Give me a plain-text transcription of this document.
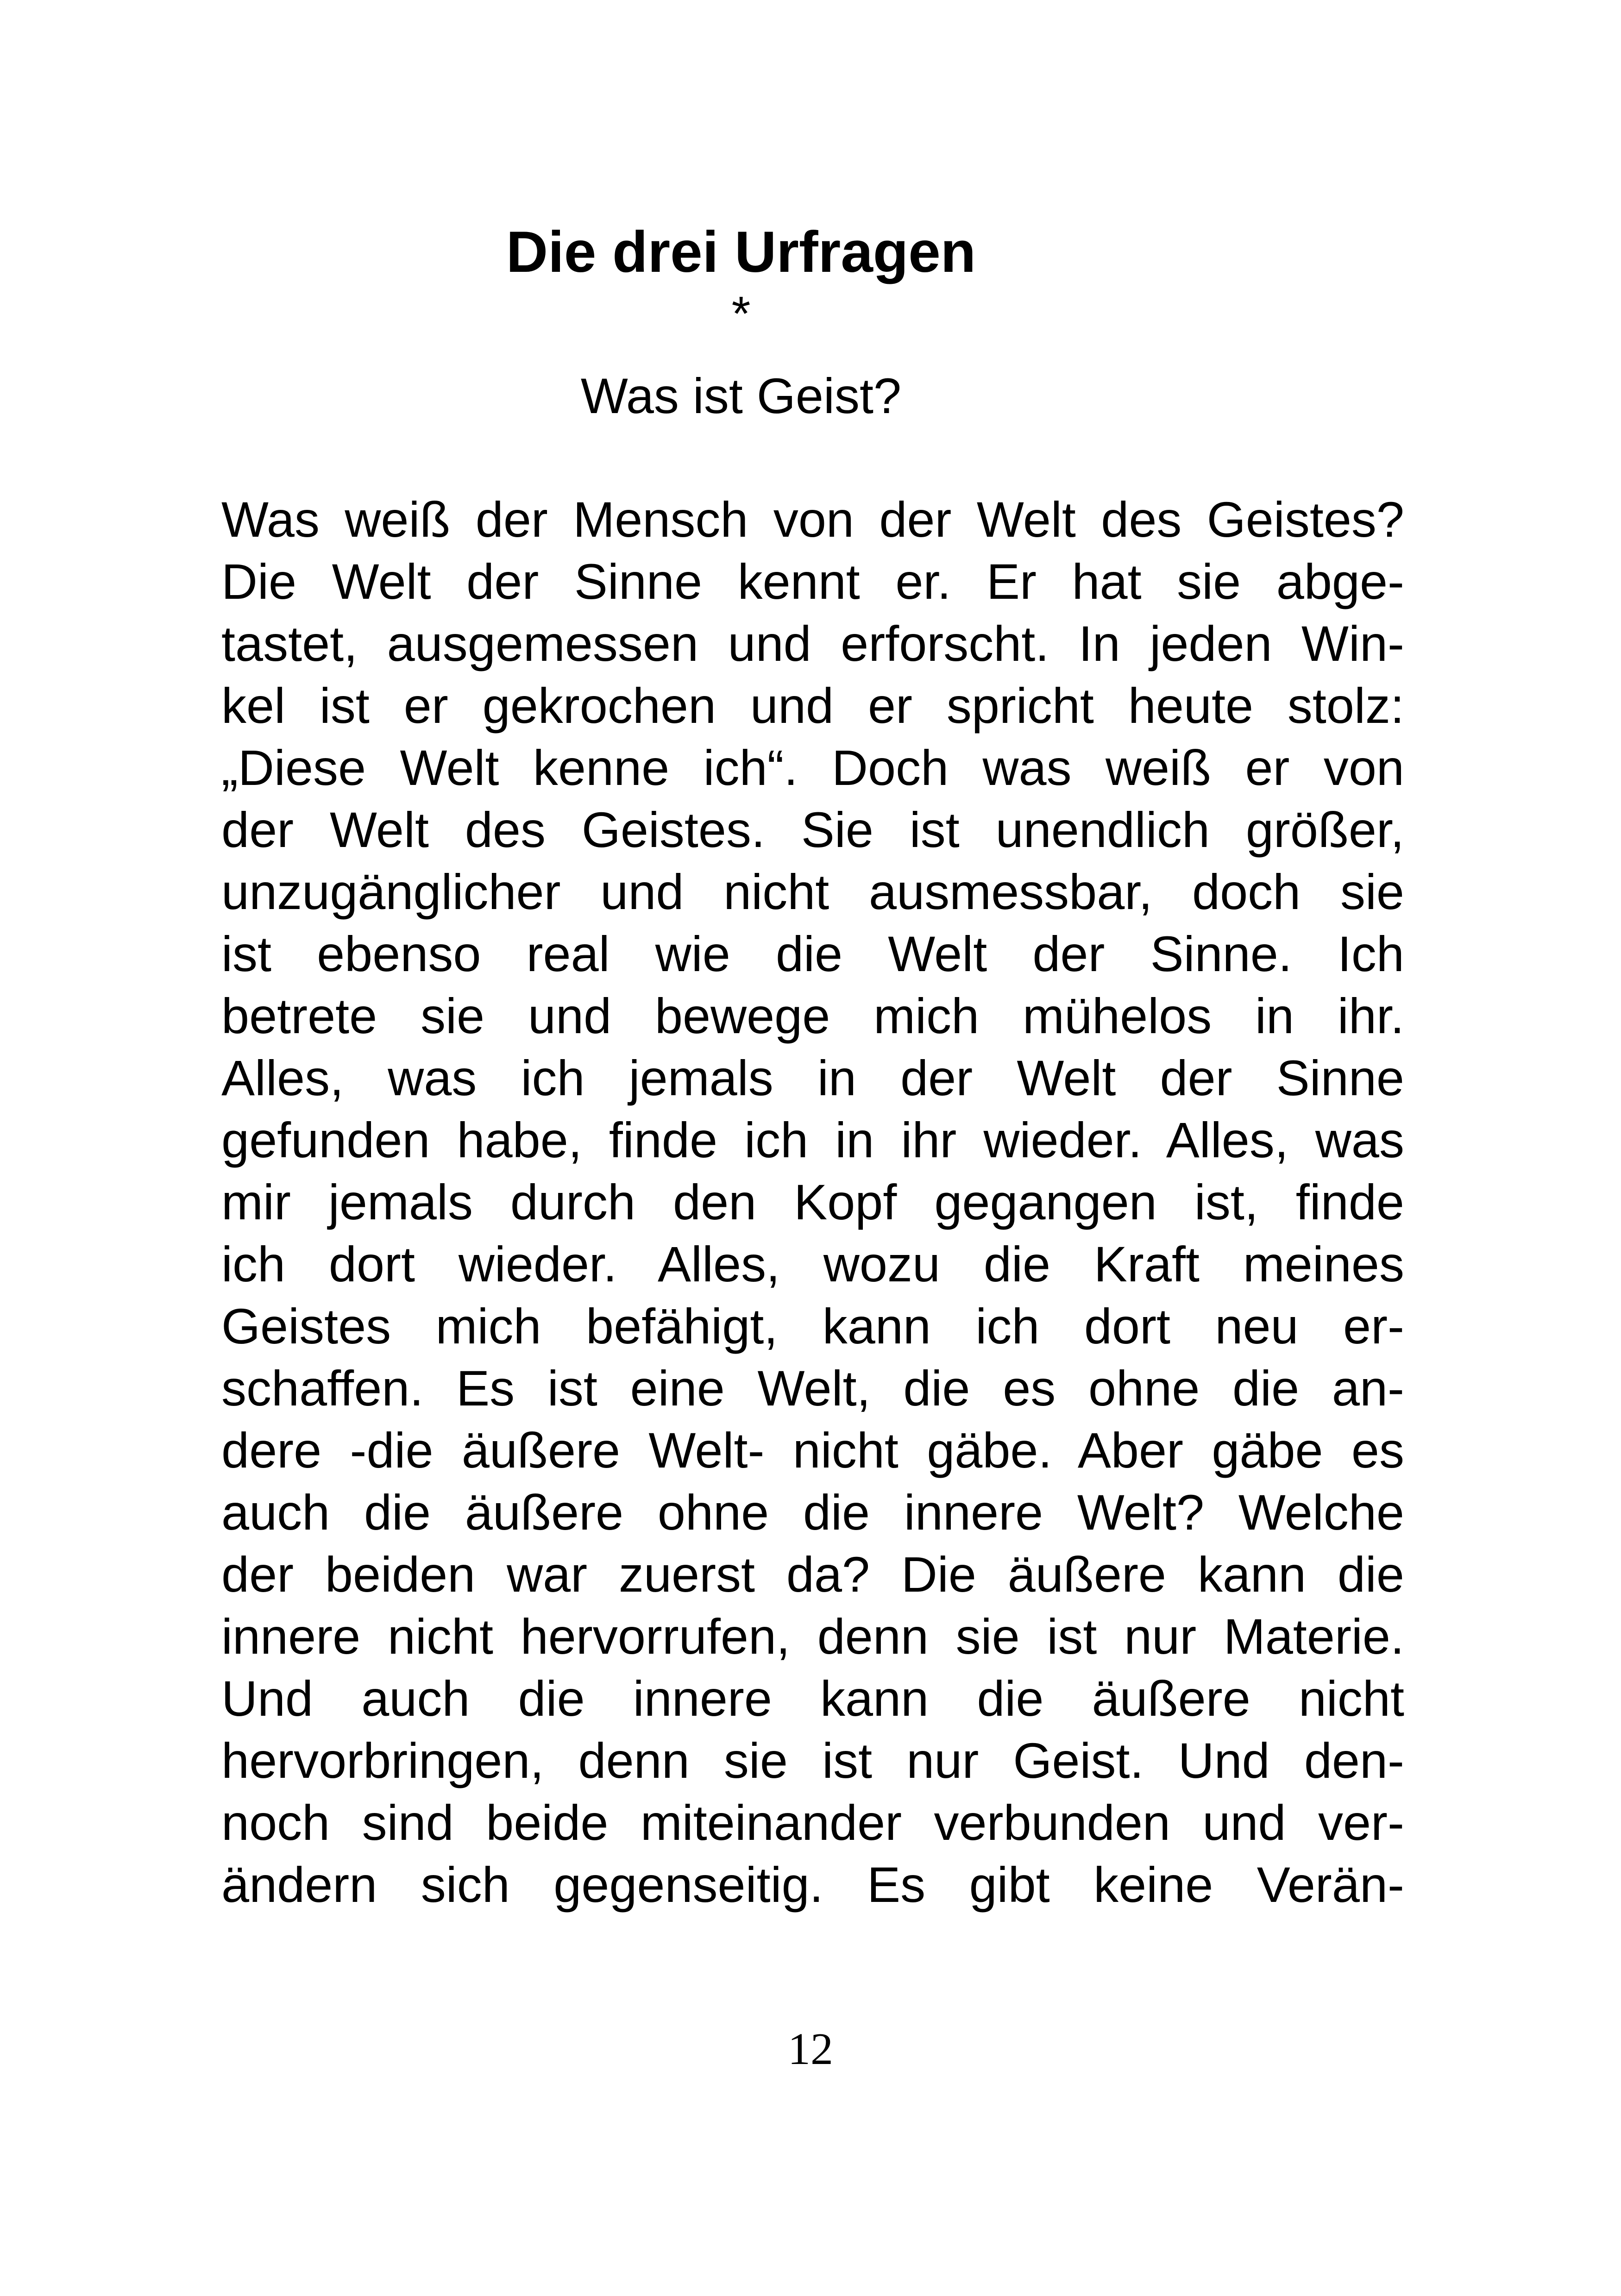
Die drei Urfragen
*
Was ist Geist?
Was weiß der Mensch von der Welt des Geistes?
Die Welt der Sinne kennt er. Er hat sie abge-
tastet, ausgemessen und erforscht. In jeden Win-
kel ist er gekrochen und er spricht heute stolz:
„Diese Welt kenne ich“. Doch was weiß er von
der Welt des Geistes. Sie ist unendlich größer,
unzugänglicher und nicht ausmessbar, doch sie
ist ebenso real wie die Welt der Sinne. Ich
betrete sie und bewege mich mühelos in ihr.
Alles, was ich jemals in der Welt der Sinne
gefunden habe, finde ich in ihr wieder. Alles, was
mir jemals durch den Kopf gegangen ist, finde
ich dort wieder. Alles, wozu die Kraft meines
Geistes mich befähigt, kann ich dort neu er-
schaffen. Es ist eine Welt, die es ohne die an-
dere -die äußere Welt- nicht gäbe. Aber gäbe es
auch die äußere ohne die innere Welt? Welche
der beiden war zuerst da? Die äußere kann die
innere nicht hervorrufen, denn sie ist nur Materie.
Und auch die innere kann die äußere nicht
hervorbringen, denn sie ist nur Geist. Und den-
noch sind beide miteinander verbunden und ver-
ändern sich gegenseitig. Es gibt keine Verän-
12
